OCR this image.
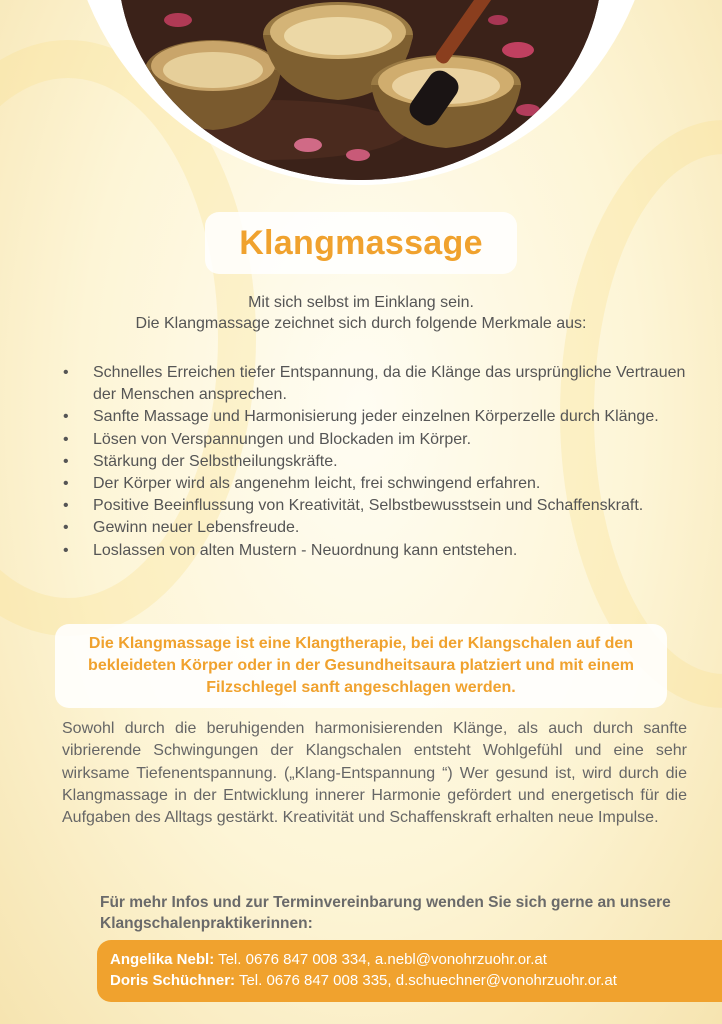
Klangmassage
Mit sich selbst im Einklang sein.
Die Klangmassage zeichnet sich durch folgende Merkmale aus:
• Schnelles Erreichen tiefer Entspannung, da die Klänge das ursprüngliche Vertrauen der Menschen ansprechen.
• Sanfte Massage und Harmonisierung jeder einzelnen Körperzelle durch Klänge.
• Lösen von Verspannungen und Blockaden im Körper.
• Stärkung der Selbstheilungskräfte.
• Der Körper wird als angenehm leicht, frei schwingend erfahren.
• Positive Beeinflussung von Kreativität, Selbstbewusstsein und Schaffenskraft.
• Gewinn neuer Lebensfreude.
• Loslassen von alten Mustern - Neuordnung kann entstehen.
Die Klangmassage ist eine Klangtherapie, bei der Klangschalen auf den bekleideten Körper oder in der Gesundheitsaura platziert und mit einem Filzschlegel sanft angeschlagen werden.
Sowohl durch die beruhigenden harmonisierenden Klänge, als auch durch sanfte vibrierende Schwingungen der Klangschalen entsteht Wohlgefühl und eine sehr wirksame Tiefenentspannung. („Klang-Entspannung “) Wer gesund ist, wird durch die Klangmassage in der Entwicklung innerer Harmonie gefördert und energetisch für die Aufgaben des Alltags gestärkt. Kreativität und Schaffenskraft erhalten neue Impulse.
Für mehr Infos und zur Terminvereinbarung wenden Sie sich gerne an unsere Klangschalenpraktikerinnen:
Angelika Nebl: Tel. 0676 847 008 334, a.nebl@vonohrzuohr.or.at
Doris Schüchner: Tel. 0676 847 008 335, d.schuechner@vonohrzuohr.or.at
